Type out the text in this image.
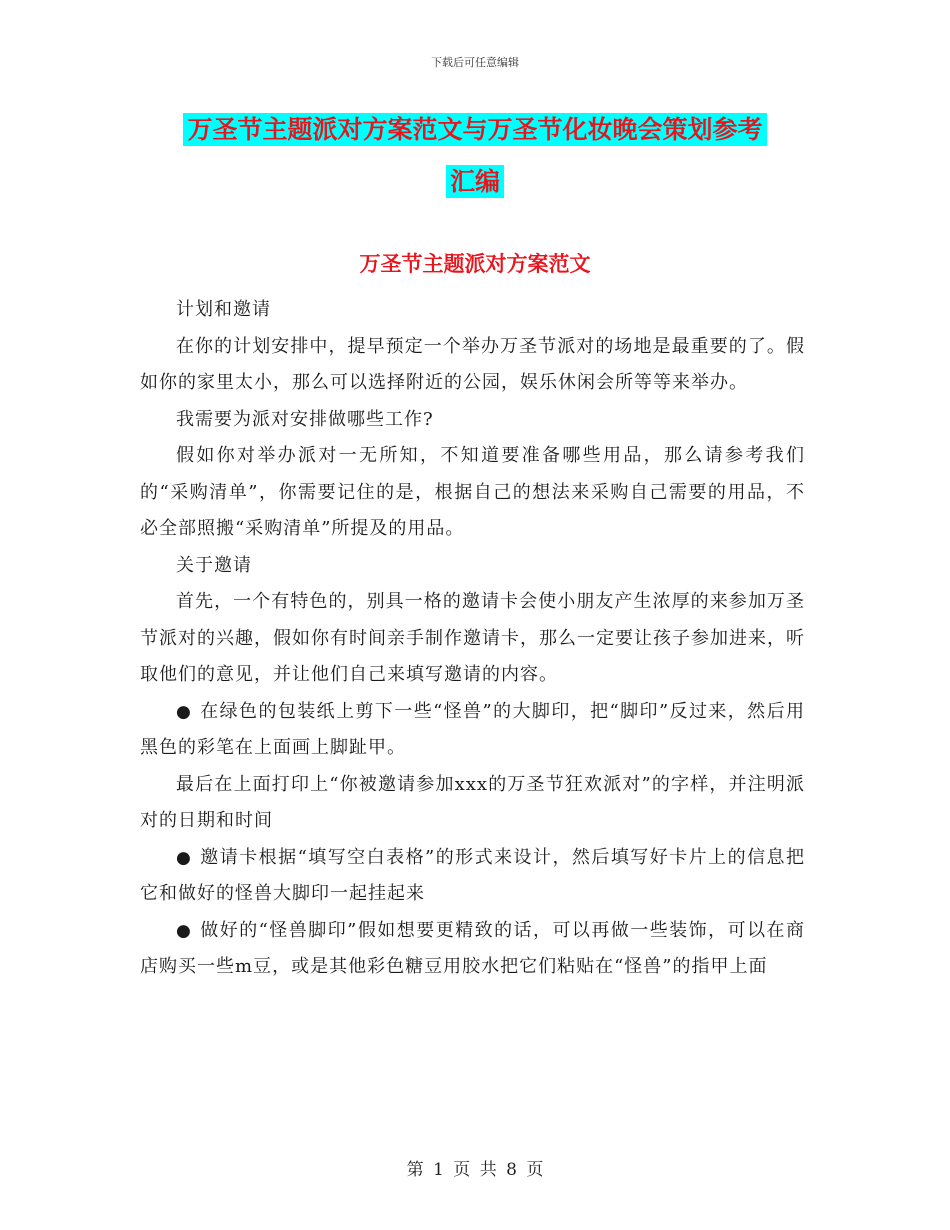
下载后可任意编辑
万圣节主题派对方案范文与万圣节化妆晚会策划参考
汇编
万圣节主题派对方案范文

计划和邀请

在你的计划安排中，提早预定一个举办万圣节派对的场地是最重要的了。假如你的家里太小，那么可以选择附近的公园，娱乐休闲会所等等来举办。

我需要为派对安排做哪些工作?

假如你对举办派对一无所知，不知道要准备哪些用品，那么请参考我们的“采购清单”，你需要记住的是，根据自己的想法来采购自己需要的用品，不必全部照搬“采购清单”所提及的用品。

关于邀请

首先，一个有特色的，别具一格的邀请卡会使小朋友产生浓厚的来参加万圣节派对的兴趣，假如你有时间亲手制作邀请卡，那么一定要让孩子参加进来，听取他们的意见，并让他们自己来填写邀请的内容。

● 在绿色的包装纸上剪下一些“怪兽”的大脚印，把“脚印”反过来，然后用黑色的彩笔在上面画上脚趾甲。

最后在上面打印上“你被邀请参加xxx的万圣节狂欢派对”的字样，并注明派对的日期和时间

● 邀请卡根据“填写空白表格”的形式来设计，然后填写好卡片上的信息把它和做好的怪兽大脚印一起挂起来

● 做好的“怪兽脚印”假如想要更精致的话，可以再做一些装饰，可以在商店购买一些m豆，或是其他彩色糖豆用胶水把它们粘贴在“怪兽”的指甲上面

第 1 页 共 8 页
